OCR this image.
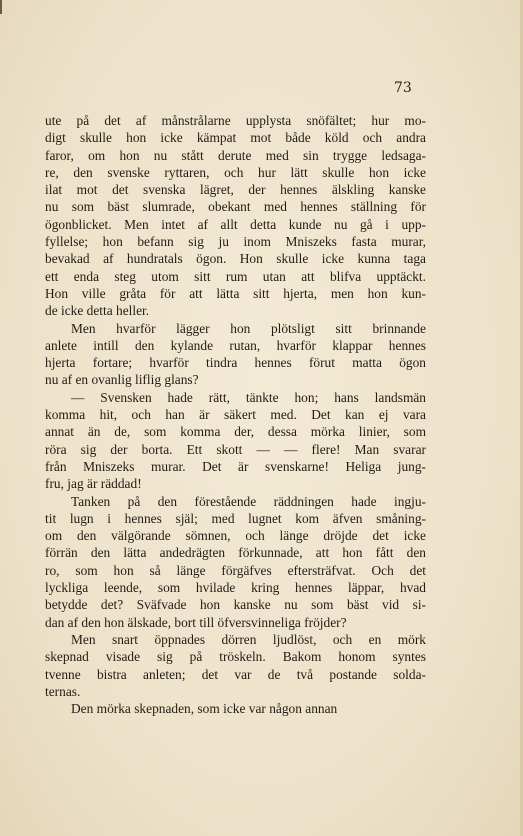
73
ute på det af månstrålarne upplysta snöfältet; hur mo-
digt skulle hon icke kämpat mot både köld och andra
faror, om hon nu stått derute med sin trygge ledsaga-
re, den svenske ryttaren, och hur lätt skulle hon icke
ilat mot det svenska lägret, der hennes älskling kanske
nu som bäst slumrade, obekant med hennes ställning för
ögonblicket. Men intet af allt detta kunde nu gå i upp-
fyllelse; hon befann sig ju inom Mniszeks fasta murar,
bevakad af hundratals ögon. Hon skulle icke kunna taga
ett enda steg utom sitt rum utan att blifva upptäckt.
Hon ville gråta för att lätta sitt hjerta, men hon kun-
de icke detta heller.
Men hvarför lägger hon plötsligt sitt brinnande
anlete intill den kylande rutan, hvarför klappar hennes
hjerta fortare; hvarför tindra hennes förut matta ögon
nu af en ovanlig liflig glans?
— Svensken hade rätt, tänkte hon; hans landsmän
komma hit, och han är säkert med. Det kan ej vara
annat än de, som komma der, dessa mörka linier, som
röra sig der borta. Ett skott — — flere! Man svarar
från Mniszeks murar. Det är svenskarne! Heliga jung-
fru, jag är räddad!
Tanken på den förestående räddningen hade ingju-
tit lugn i hennes själ; med lugnet kom äfven småning-
om den välgörande sömnen, och länge dröjde det icke
förrän den lätta andedrägten förkunnade, att hon fått den
ro, som hon så länge förgäfves eftersträfvat. Och det
lyckliga leende, som hvilade kring hennes läppar, hvad
betydde det? Sväfvade hon kanske nu som bäst vid si-
dan af den hon älskade, bort till öfversvinneliga fröjder?
Men snart öppnades dörren ljudlöst, och en mörk
skepnad visade sig på tröskeln. Bakom honom syntes
tvenne bistra anleten; det var de två postande solda-
ternas.
Den mörka skepnaden, som icke var någon annan
